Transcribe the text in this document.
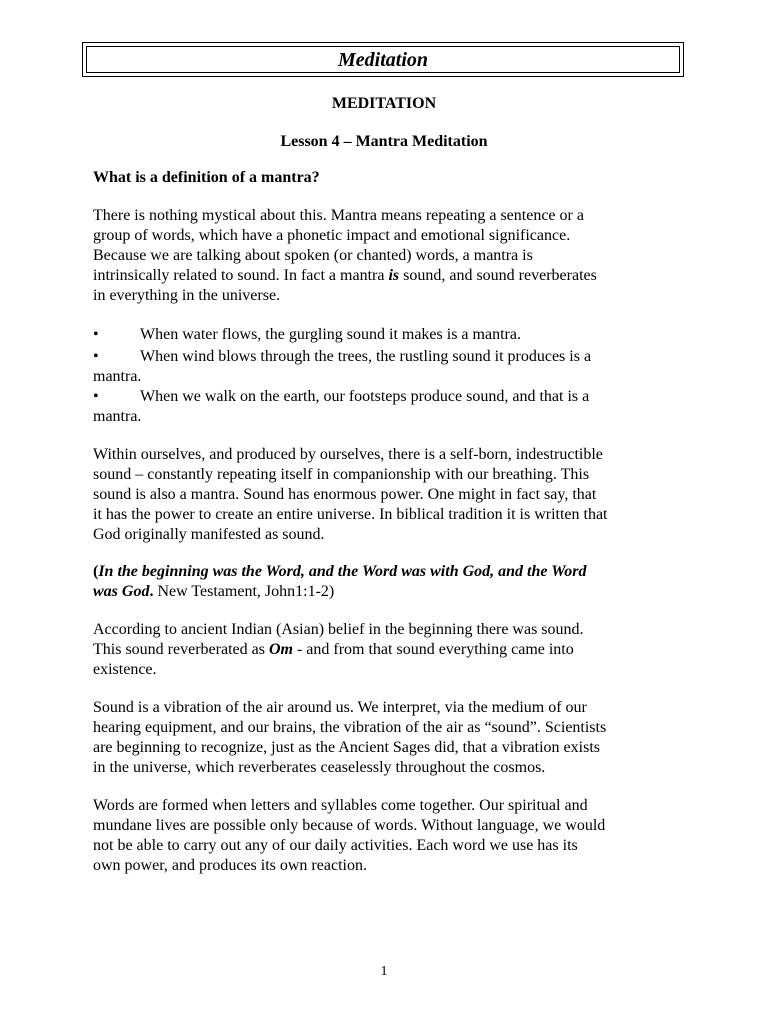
Meditation
MEDITATION
Lesson 4 – Mantra Meditation
What is a definition of a mantra?
There is nothing mystical about this. Mantra means repeating a sentence or a
group of words, which have a phonetic impact and emotional significance.
Because we are talking about spoken (or chanted) words, a mantra is
intrinsically related to sound. In fact a mantra is sound, and sound reverberates
in everything in the universe.
•	When water flows, the gurgling sound it makes is a mantra.
•	When wind blows through the trees, the rustling sound it produces is a
mantra.
•	When we walk on the earth, our footsteps produce sound, and that is a
mantra.
Within ourselves, and produced by ourselves, there is a self-born, indestructible
sound – constantly repeating itself in companionship with our breathing. This
sound is also a mantra. Sound has enormous power. One might in fact say, that
it has the power to create an entire universe. In biblical tradition it is written that
God originally manifested as sound.
(In the beginning was the Word, and the Word was with God, and the Word
was God. New Testament, John1:1-2)
According to ancient Indian (Asian) belief in the beginning there was sound.
This sound reverberated as Om - and from that sound everything came into
existence.
Sound is a vibration of the air around us. We interpret, via the medium of our
hearing equipment, and our brains, the vibration of the air as “sound”. Scientists
are beginning to recognize, just as the Ancient Sages did, that a vibration exists
in the universe, which reverberates ceaselessly throughout the cosmos.
Words are formed when letters and syllables come together. Our spiritual and
mundane lives are possible only because of words. Without language, we would
not be able to carry out any of our daily activities. Each word we use has its
own power, and produces its own reaction.
1
